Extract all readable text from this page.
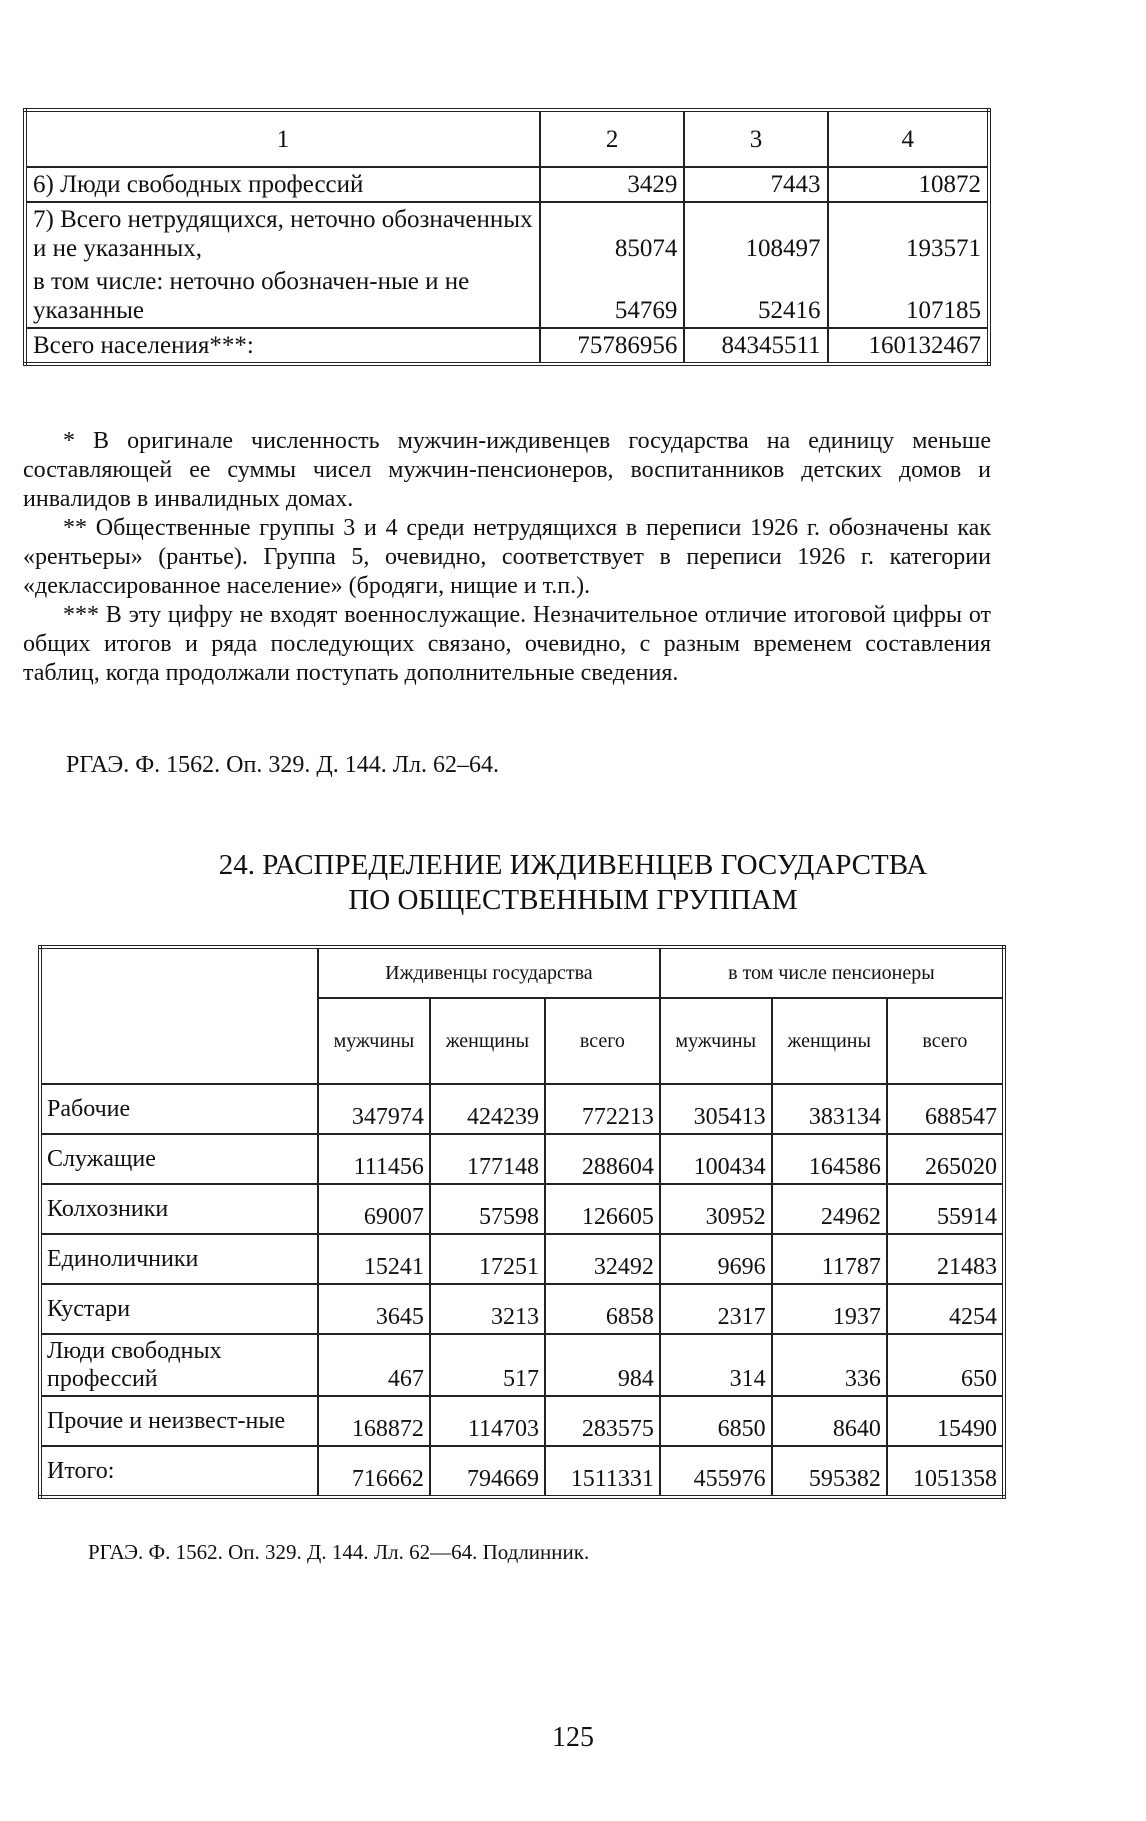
1	2	3	4
6) Люди свободных профессий	3429	7443	10872
7) Всего нетрудящихся, неточно обозначенных и не указанных,	85074	108497	193571
в том числе: неточно обозначен-ные и не указанные	54769	52416	107185
Всего населения***:	75786956	84345511	160132467

* В оригинале численность мужчин-иждивенцев государства на единицу меньше составляющей ее суммы чисел мужчин-пенсионеров, воспитанников детских домов и инвалидов в инвалидных домах.

** Общественные группы 3 и 4 среди нетрудящихся в переписи 1926 г. обозначены как «рентьеры» (рантье). Группа 5, очевидно, соответствует в переписи 1926 г. категории «деклассированное население» (бродяги, нищие и т.п.).

*** В эту цифру не входят военнослужащие. Незначительное отличие итоговой цифры от общих итогов и ряда последующих связано, очевидно, с разным временем составления таблиц, когда продолжали поступать дополнительные сведения.

РГАЭ. Ф. 1562. Оп. 329. Д. 144. Лл. 62–64.
24. РАСПРЕДЕЛЕНИЕ ИЖДИВЕНЦЕВ ГОСУДАРСТВА
ПО ОБЩЕСТВЕННЫМ ГРУППАМ
	Иждивенцы государства			в том числе пенсионеры		
	мужчины	женщины	всего	мужчины	женщины	всего
Рабочие	347974	424239	772213	305413	383134	688547
Служащие	111456	177148	288604	100434	164586	265020
Колхозники	69007	57598	126605	30952	24962	55914
Единоличники	15241	17251	32492	9696	11787	21483
Кустари	3645	3213	6858	2317	1937	4254
Люди свободных профессий	467	517	984	314	336	650
Прочие и неизвест-ные	168872	114703	283575	6850	8640	15490
Итого:	716662	794669	1511331	455976	595382	1051358
РГАЭ. Ф. 1562. Оп. 329. Д. 144. Лл. 62—64. Подлинник.
125
